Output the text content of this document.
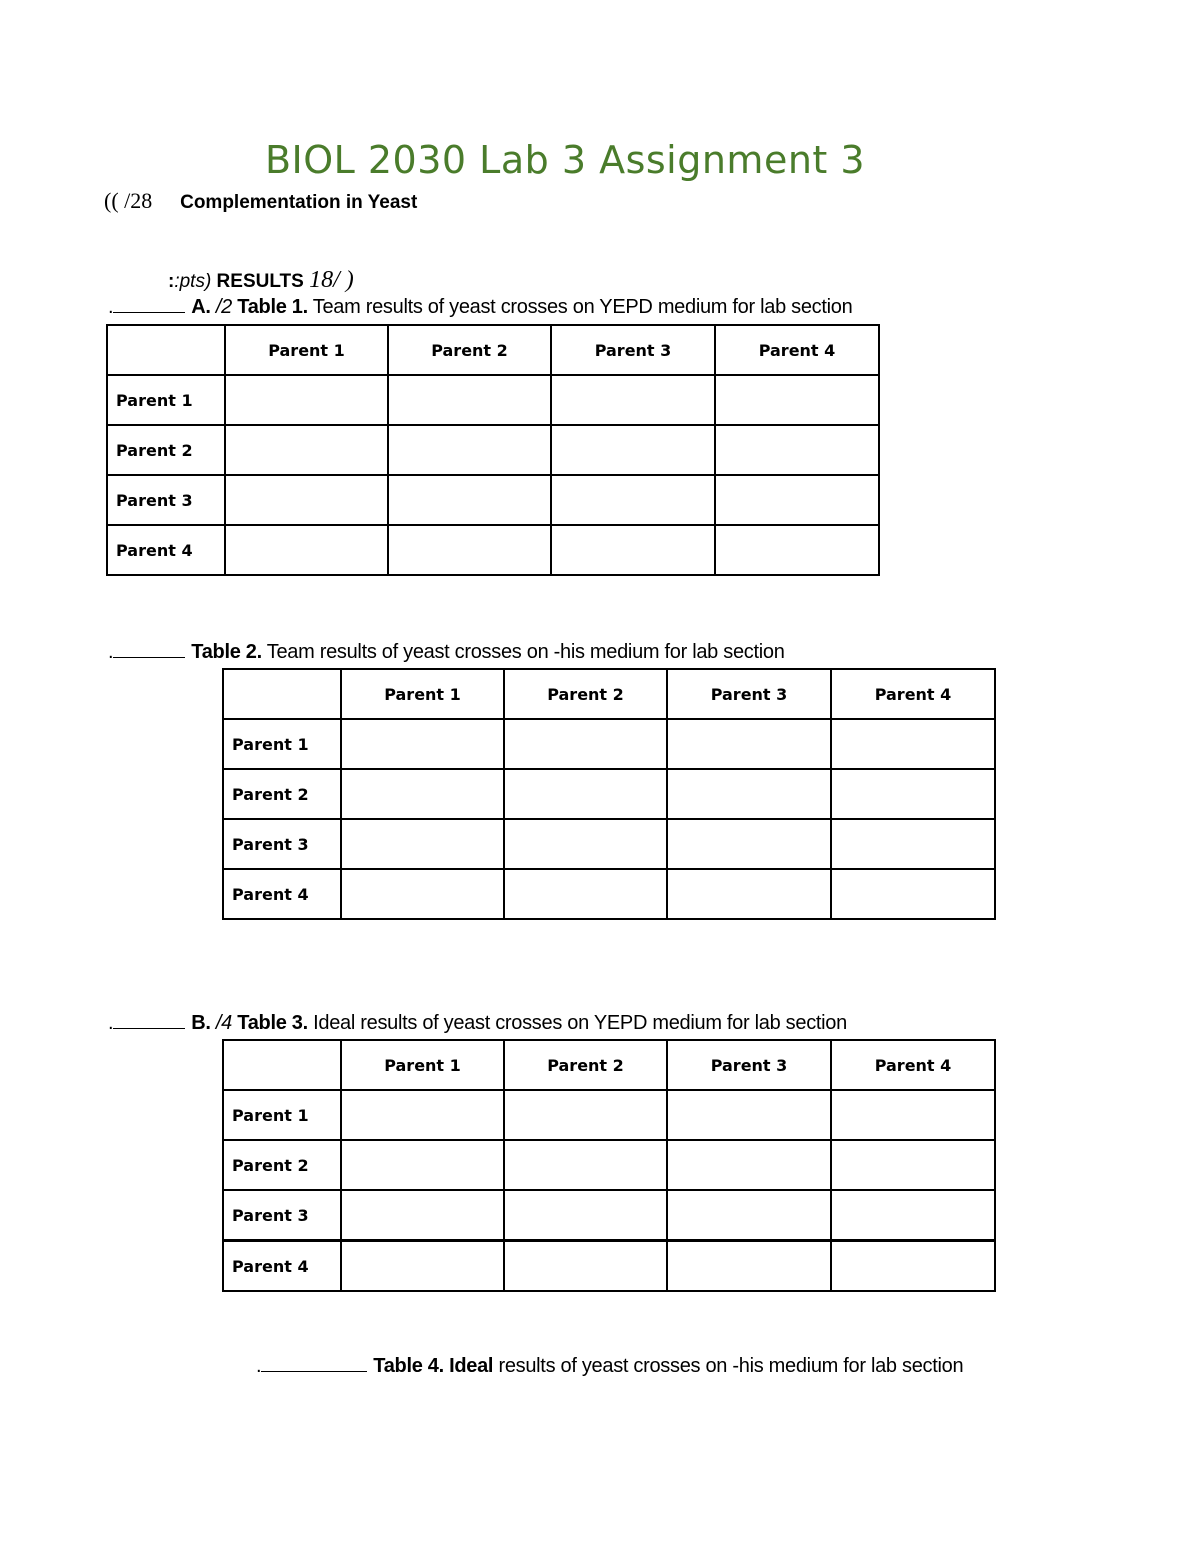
BIOL 2030 Lab 3 Assignment 3
(( /28 Complementation in Yeast
::pts) RESULTS 18/ )
.	A. /2 Table 1. Team results of yeast crosses on YEPD medium for lab section
	Parent 1	Parent 2	Parent 3	Parent 4
Parent 1				
Parent 2				
Parent 3				
Parent 4				
.	Table 2. Team results of yeast crosses on -his medium for lab section
	Parent 1	Parent 2	Parent 3	Parent 4
Parent 1				
Parent 2				
Parent 3				
Parent 4				
.	B. /4 Table 3. Ideal results of yeast crosses on YEPD medium for lab section
	Parent 1	Parent 2	Parent 3	Parent 4
Parent 1				
Parent 2				
Parent 3				
Parent 4				
.	Table 4. Ideal results of yeast crosses on -his medium for lab section
